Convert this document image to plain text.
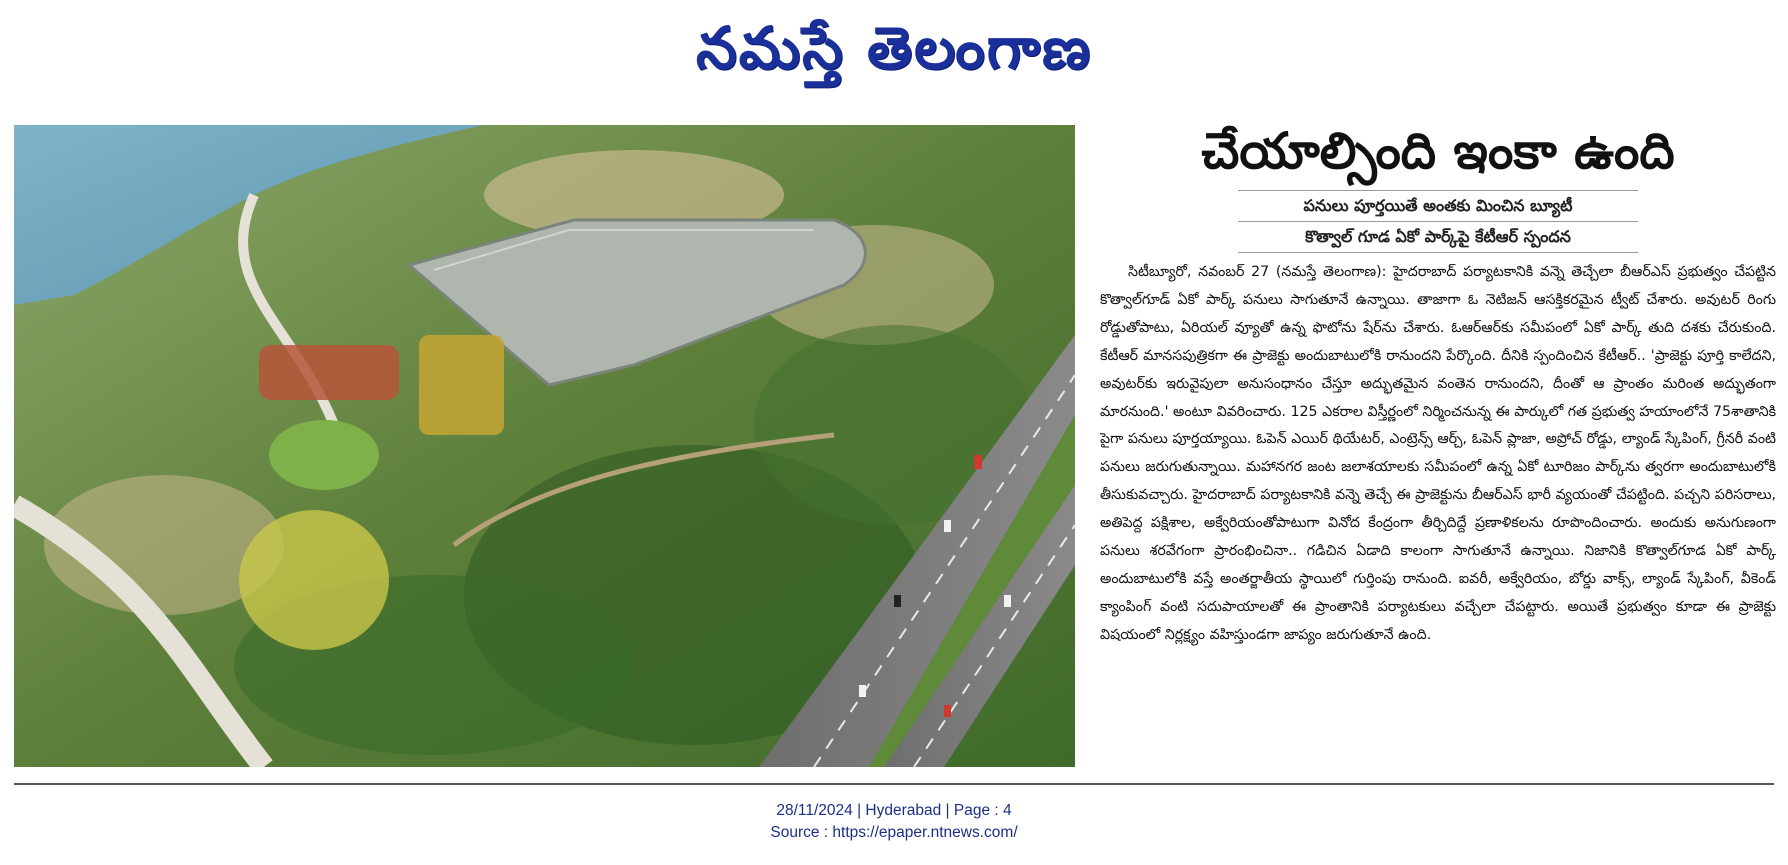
నమస్తే తెలంగాణ
చేయాల్సింది ఇంకా ఉంది
పనులు పూర్తయితే అంతకు మించిన బ్యూటీ
కొత్వాల్ గూడ ఏకో పార్క్‌పై కేటీఆర్ స్పందన
సిటీబ్యూరో, నవంబర్ 27 (నమస్తే తెలంగాణ): హైదరాబాద్ పర్యాటకానికి వన్నె తెచ్చేలా బీఆర్ఎస్ ప్రభుత్వం చేపట్టిన కొత్వాల్‌గూడ్ ఏకో పార్క్ పనులు సాగుతూనే ఉన్నాయి. తాజాగా ఓ నెటిజన్ ఆసక్తికరమైన ట్వీట్ చేశారు. అవుటర్ రింగు రోడ్డుతోపాటు, ఏరియల్ వ్యూతో ఉన్న ఫొటోను షేర్‌ను చేశారు. ఓఆర్ఆర్‌కు సమీపంలో ఏకో పార్క్ తుది దశకు చేరుకుంది. కేటీఆర్ మానసపుత్రికగా ఈ ప్రాజెక్టు అందుబాటులోకి రానుందని పేర్కొంది. దీనికి స్పందించిన కేటీఆర్.. 'ప్రాజెక్టు పూర్తి కాలేదని, అవుటర్‌కు ఇరువైపులా అనుసంధానం చేస్తూ అద్భుతమైన వంతెన రానుందని, దీంతో ఆ ప్రాంతం మరింత అద్భుతంగా మారనుంది.' అంటూ వివరించారు. 125 ఎకరాల విస్తీర్ణంలో నిర్మించనున్న ఈ పార్కులో గత ప్రభుత్వ హయాంలోనే 75శాతానికి పైగా పనులు పూర్తయ్యాయి. ఓపెన్ ఎయిర్ థియేటర్, ఎంట్రెన్స్ ఆర్చ్, ఓపెన్ ప్లాజా, అప్రోచ్ రోడ్డు, ల్యాండ్ స్కేపింగ్, గ్రీనరీ వంటి పనులు జరుగుతున్నాయి. మహానగర జంట జలాశయాలకు సమీపంలో ఉన్న ఏకో టూరిజం పార్క్‌ను త్వరగా అందుబాటులోకి తీసుకువచ్చారు. హైదరాబాద్ పర్యాటకానికి వన్నె తెచ్చే ఈ ప్రాజెక్టును బీఆర్ఎస్ భారీ వ్యయంతో చేపట్టింది. పచ్చని పరిసరాలు, అతిపెద్ద పక్షిశాల, అక్వేరియంతోపాటుగా వినోద కేంద్రంగా తీర్చిదిద్దే ప్రణాళికలను రూపొందించారు. అందుకు అనుగుణంగా పనులు శరవేగంగా ప్రారంభించినా.. గడిచిన ఏడాది కాలంగా సాగుతూనే ఉన్నాయి. నిజానికి కొత్వాల్‌గూడ ఏకో పార్క్ అందుబాటులోకి వస్తే అంతర్జాతీయ స్థాయిలో గుర్తింపు రానుంది. ఐవరీ, అక్వేరియం, బోర్డు వాక్స్, ల్యాండ్ స్కేపింగ్, వీకెండ్ క్యాంపింగ్ వంటి సదుపాయాలతో ఈ ప్రాంతానికి పర్యాటకులు వచ్చేలా చేపట్టారు. అయితే ప్రభుత్వం కూడా ఈ ప్రాజెక్టు విషయంలో నిర్లక్ష్యం వహిస్తుండగా జాప్యం జరుగుతూనే ఉంది.
28/11/2024 | Hyderabad | Page : 4
Source : https://epaper.ntnews.com/
